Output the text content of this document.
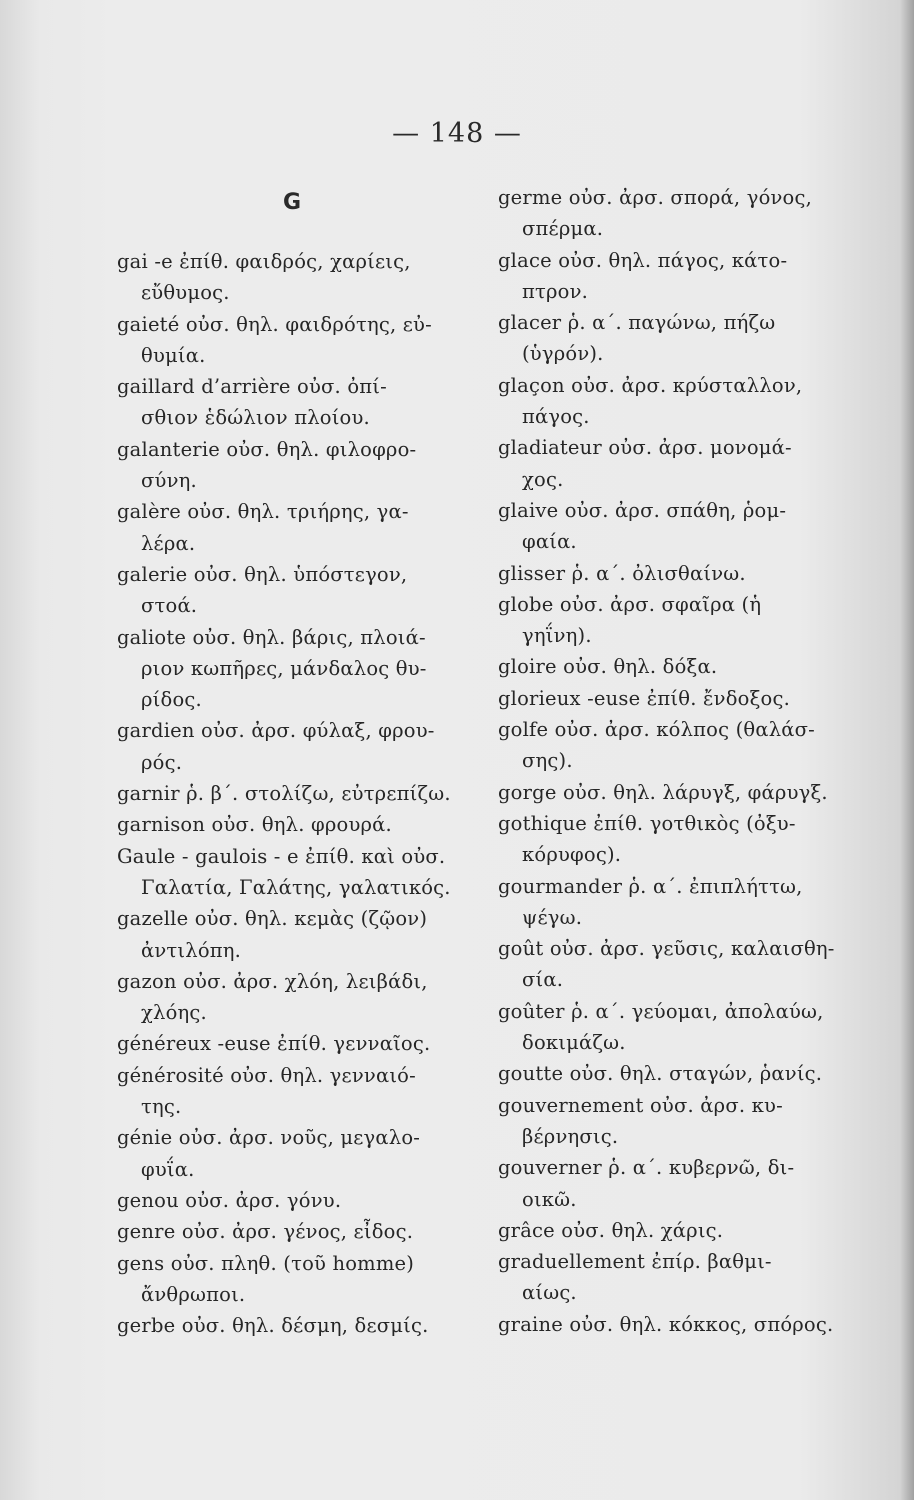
— 148 —
G
gai -e ἐπίθ. φαιδρός, χαρίεις,
εὔθυμος.
gaieté οὐσ. θηλ. φαιδρότης, εὐ-
θυμία.
gaillard d’arrière οὐσ. ὀπί-
σθιον ἑδώλιον πλοίου.
galanterie οὐσ. θηλ. φιλοφρο-
σύνη.
galère οὐσ. θηλ. τριήρης, γα-
λέρα.
galerie οὐσ. θηλ. ὑπόστεγον,
στοά.
galiote οὐσ. θηλ. βάρις, πλοιά-
ριον κωπῆρες, μάνδαλος θυ-
ρίδος.
gardien οὐσ. ἀρσ. φύλαξ, φρου-
ρός.
garnir ῥ. β΄. στολίζω, εὐτρεπίζω.
garnison οὐσ. θηλ. φρουρά.
Gaule - gaulois - e ἐπίθ. καὶ οὐσ.
Γαλατία, Γαλάτης, γαλατικός.
gazelle οὐσ. θηλ. κεμὰς (ζῷον)
ἀντιλόπη.
gazon οὐσ. ἀρσ. χλόη, λειβάδι,
χλόης.
généreux -euse ἐπίθ. γενναῖος.
générosité οὐσ. θηλ. γενναιό-
της.
génie οὐσ. ἀρσ. νοῦς, μεγαλο-
φυΐα.
genou οὐσ. ἀρσ. γόνυ.
genre οὐσ. ἀρσ. γένος, εἶδος.
gens οὐσ. πληθ. (τοῦ homme)
ἄνθρωποι.
gerbe οὐσ. θηλ. δέσμη, δεσμίς.
germe οὐσ. ἀρσ. σπορά, γόνος,
σπέρμα.
glace οὐσ. θηλ. πάγος, κάτο-
πτρον.
glacer ῥ. α΄. παγώνω, πήζω
(ὑγρόν).
glaçon οὐσ. ἀρσ. κρύσταλλον,
πάγος.
gladiateur οὐσ. ἀρσ. μονομά-
χος.
glaive οὐσ. ἀρσ. σπάθη, ῥομ-
φαία.
glisser ῥ. α΄. ὀλισθαίνω.
globe οὐσ. ἀρσ. σφαῖρα (ἡ
γηΐνη).
gloire οὐσ. θηλ. δόξα.
glorieux -euse ἐπίθ. ἔνδοξος.
golfe οὐσ. ἀρσ. κόλπος (θαλάσ-
σης).
gorge οὐσ. θηλ. λάρυγξ, φάρυγξ.
gothique ἐπίθ. γοτθικὸς (ὀξυ-
κόρυφος).
gourmander ῥ. α΄. ἐπιπλήττω,
ψέγω.
goût οὐσ. ἀρσ. γεῦσις, καλαισθη-
σία.
goûter ῥ. α΄. γεύομαι, ἀπολαύω,
δοκιμάζω.
goutte οὐσ. θηλ. σταγών, ῥανίς.
gouvernement οὐσ. ἀρσ. κυ-
βέρνησις.
gouverner ῥ. α΄. κυβερνῶ, δι-
οικῶ.
grâce οὐσ. θηλ. χάρις.
graduellement ἐπίρ. βαθμι-
αίως.
graine οὐσ. θηλ. κόκκος, σπόρος.
